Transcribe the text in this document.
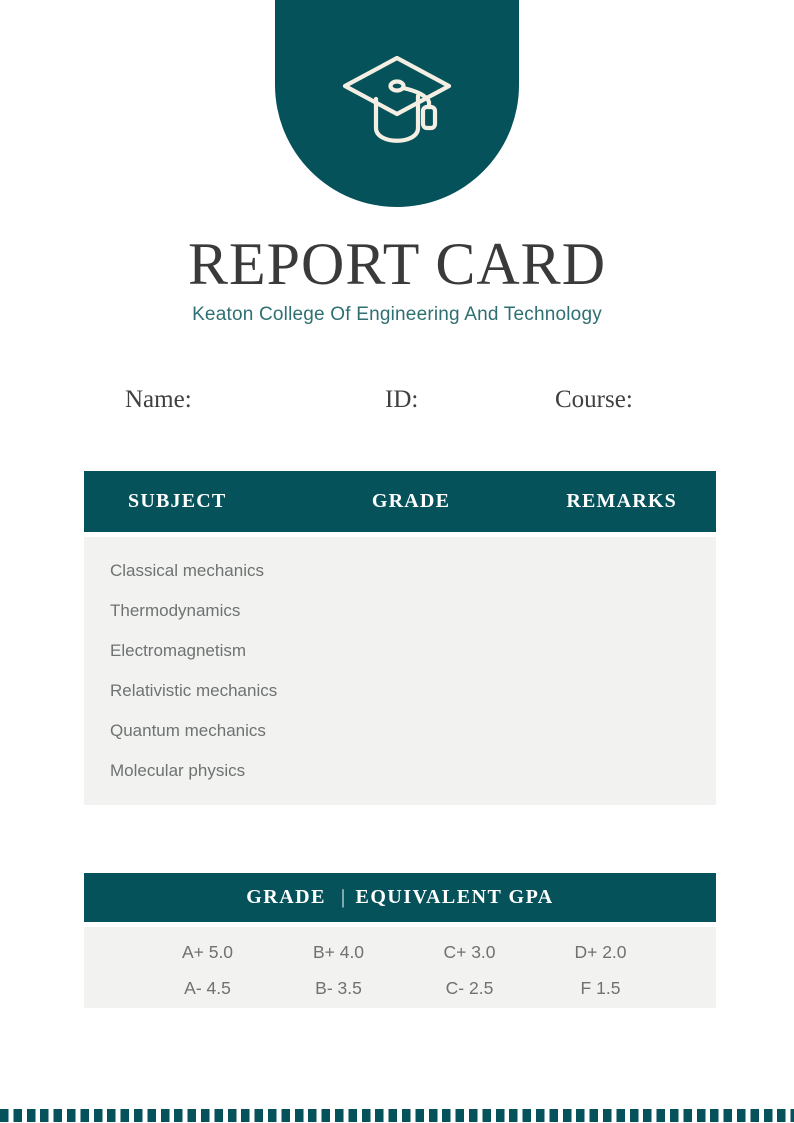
REPORT CARD
Keaton College Of Engineering And Technology
Name:	ID:	Course:
SUBJECT	GRADE	REMARKS
Classical mechanics
Thermodynamics
Electromagnetism
Relativistic mechanics
Quantum mechanics
Molecular physics
GRADE | EQUIVALENT GPA
A+ 5.0	B+ 4.0	C+ 3.0	D+ 2.0
A- 4.5	B- 3.5	C- 2.5	F 1.5
